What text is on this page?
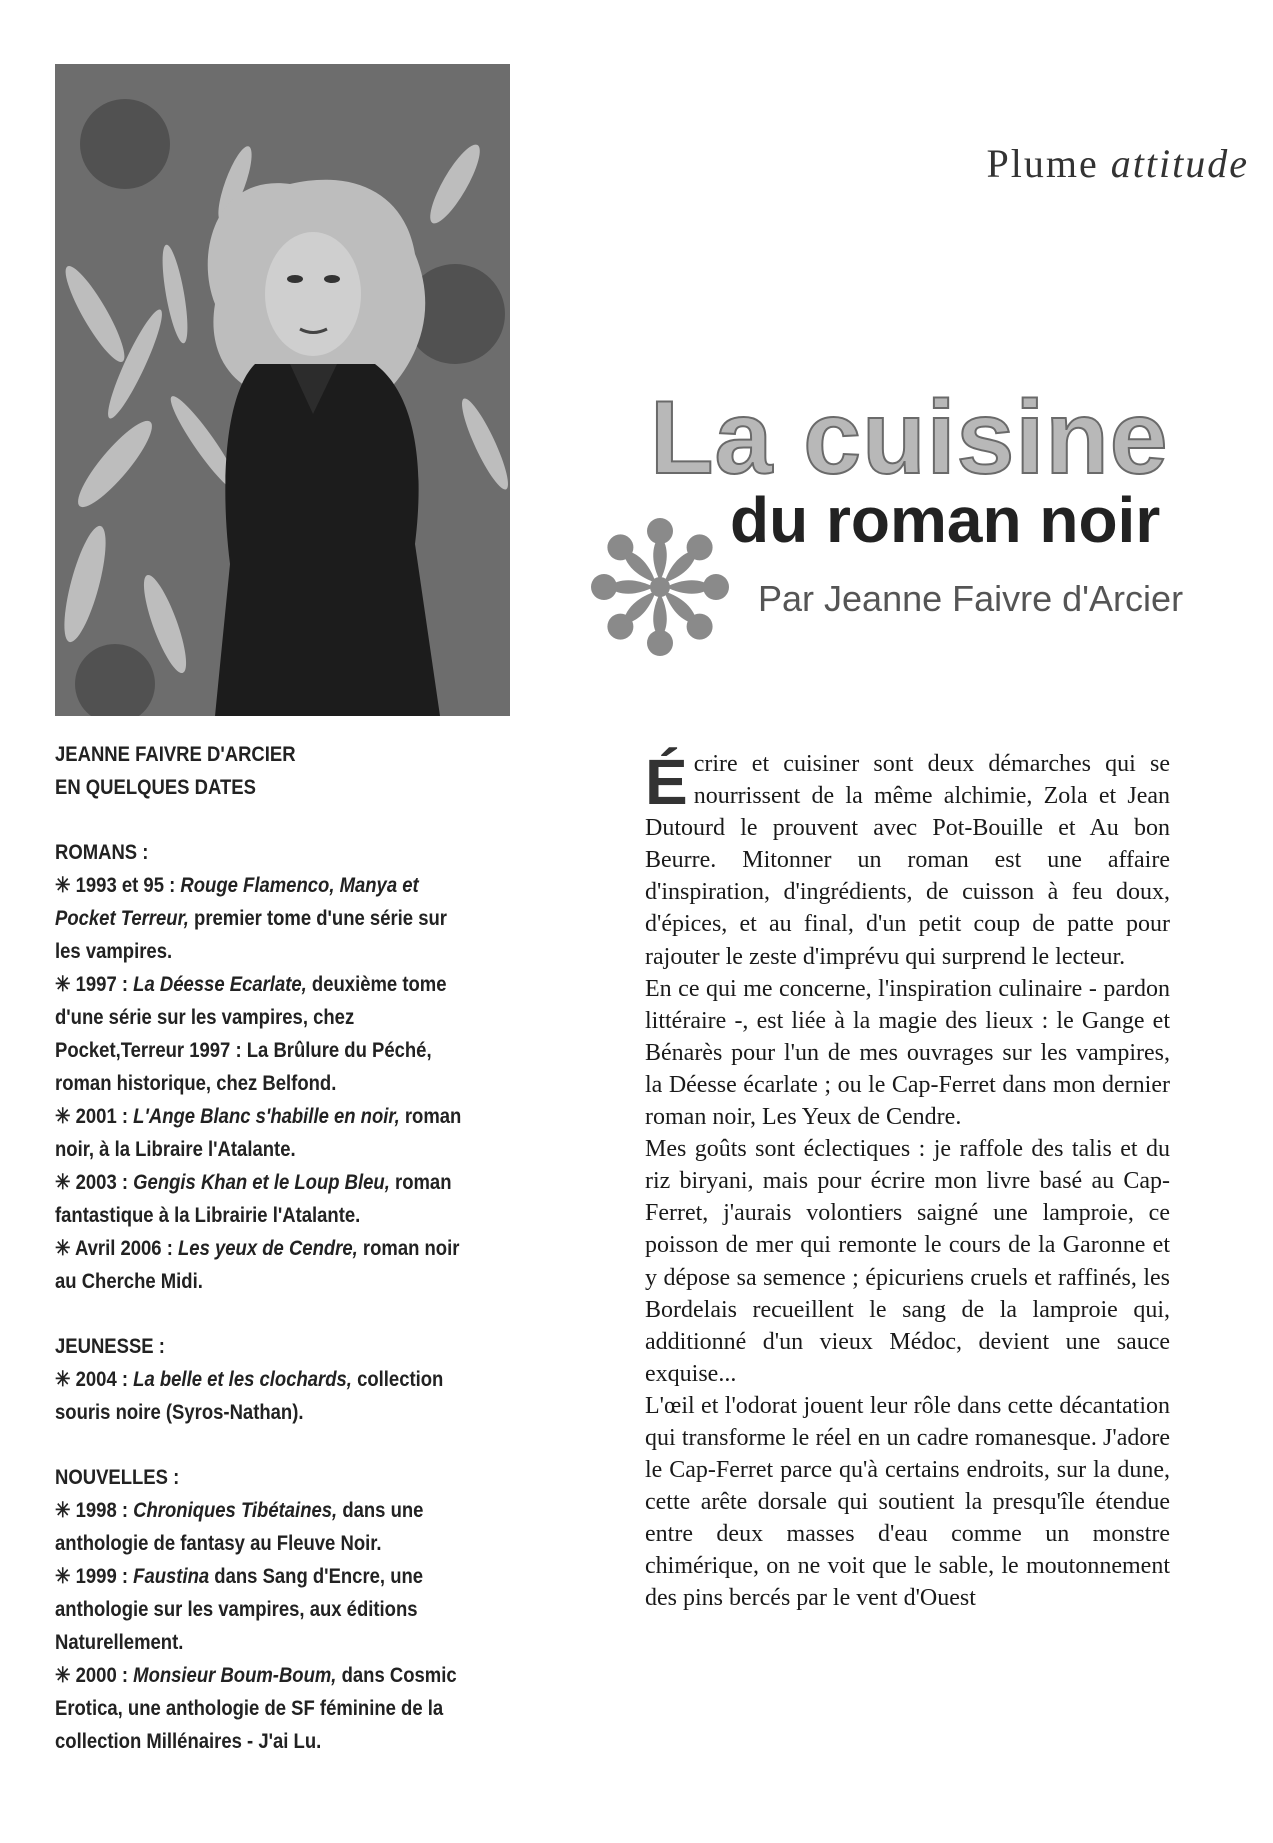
Plume attitude
La cuisine
du roman noir
Par Jeanne Faivre d'Arcier
JEANNE FAIVRE D'ARCIER
EN QUELQUES DATES
ROMANS :
✳ 1993 et 95 : Rouge Flamenco, Manya et Pocket Terreur, premier tome d'une série sur les vampires.
✳ 1997 : La Déesse Ecarlate, deuxième tome d'une série sur les vampires, chez Pocket,Terreur 1997 : La Brûlure du Péché, roman historique, chez Belfond.
✳ 2001 : L'Ange Blanc s'habille en noir, roman noir, à la Libraire l'Atalante.
✳ 2003 : Gengis Khan et le Loup Bleu, roman fantastique à la Librairie l'Atalante.
✳ Avril 2006 : Les yeux de Cendre, roman noir au Cherche Midi.
JEUNESSE :
✳ 2004 : La belle et les clochards, collection souris noire (Syros-Nathan).
NOUVELLES :
✳ 1998 : Chroniques Tibétaines, dans une anthologie de fantasy au Fleuve Noir.
✳ 1999 : Faustina dans Sang d'Encre, une anthologie sur les vampires, aux éditions Naturellement.
✳ 2000 : Monsieur Boum-Boum, dans Cosmic Erotica, une anthologie de SF féminine de la collection Millénaires - J'ai Lu.
É crire et cuisiner sont deux démarches qui se nourrissent de la même alchimie, Zola et Jean Dutourd le prouvent avec Pot-Bouille et Au bon Beurre. Mitonner un roman est une affaire d'inspiration, d'ingrédients, de cuisson à feu doux, d'épices, et au final, d'un petit coup de patte pour rajouter le zeste d'imprévu qui surprend le lecteur.

En ce qui me concerne, l'inspiration culinaire - pardon littéraire -, est liée à la magie des lieux : le Gange et Bénarès pour l'un de mes ouvrages sur les vampires, la Déesse écarlate ; ou le Cap-Ferret dans mon dernier roman noir, Les Yeux de Cendre.

Mes goûts sont éclectiques : je raffole des talis et du riz biryani, mais pour écrire mon livre basé au Cap-Ferret, j'aurais volontiers saigné une lamproie, ce poisson de mer qui remonte le cours de la Garonne et y dépose sa semence ; épicuriens cruels et raffinés, les Bordelais recueillent le sang de la lamproie qui, additionné d'un vieux Médoc, devient une sauce exquise...

L'œil et l'odorat jouent leur rôle dans cette décantation qui transforme le réel en un cadre romanesque. J'adore le Cap-Ferret parce qu'à certains endroits, sur la dune, cette arête dorsale qui soutient la presqu'île étendue entre deux masses d'eau comme un monstre chimérique, on ne voit que le sable, le moutonnement des pins bercés par le vent d'Ouest
